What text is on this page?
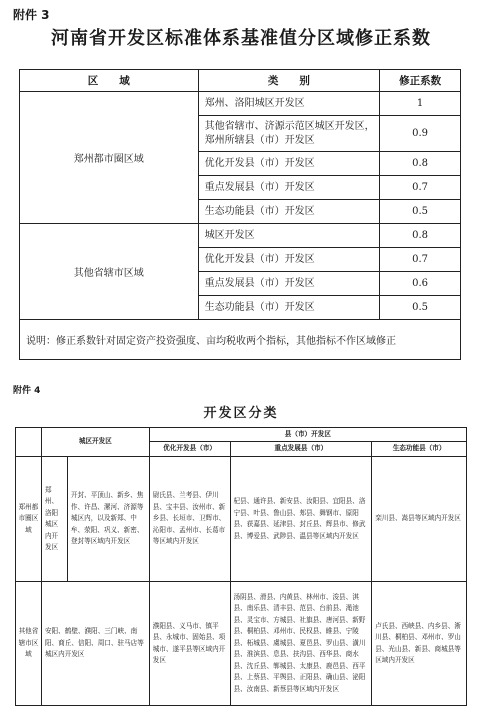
附件 3
河南省开发区标准体系基准值分区域修正系数
区　　域	类　　别	修正系数
郑州都市圈区域	郑州、洛阳城区开发区	1
	其他省辖市、济源示范区城区开发区，郑州所辖县（市）开发区	0.9
	优化开发县（市）开发区	0.8
	重点发展县（市）开发区	0.7
	生态功能县（市）开发区	0.5
其他省辖市区域	城区开发区	0.8
	优化开发县（市）开发区	0.7
	重点发展县（市）开发区	0.6
	生态功能县（市）开发区	0.5
说明：修正系数针对固定资产投资强度、亩均税收两个指标，其他指标不作区域修正		
附件 4
开发区分类
	城区开发区		县（市）开发区		
			优化开发县（市）	重点发展县（市）	生态功能县（市）
郑州都市圈区域	郑州、洛阳城区内开发区	开封、平顶山、新乡、焦作、许昌、漯河、济源等城区内，以及新郑、中牟、荥阳、巩义、新密、登封等区域内开发区	尉氏县、兰考县、伊川县、宝丰县、汝州市、新乡县、长垣市、卫辉市、沁阳市、孟州市、长葛市等区域内开发区	杞县、通许县、新安县、汝阳县、宜阳县、洛宁县、叶县、鲁山县、郏县、舞钢市、原阳县、获嘉县、延津县、封丘县、辉县市、修武县、博爱县、武陟县、温县等区域内开发区	栾川县、嵩县等区域内开发区
其他省辖市区域	安阳、鹤壁、濮阳、三门峡、南阳、商丘、信阳、周口、驻马店等城区内开发区		濮阳县、义马市、镇平县、永城市、固始县、项城市、遂平县等区域内开发区	汤阴县、滑县、内黄县、林州市、浚县、淇县、南乐县、清丰县、范县、台前县、渑池县、灵宝市、方城县、社旗县、唐河县、新野县、桐柏县、邓州市、民权县、睢县、宁陵县、柘城县、虞城县、夏邑县、罗山县、潢川县、淮滨县、息县、扶沟县、西华县、商水县、沈丘县、郸城县、太康县、鹿邑县、西平县、上蔡县、平舆县、正阳县、确山县、泌阳县、汝南县、新蔡县等区域内开发区	卢氏县、西峡县、内乡县、淅川县、桐柏县、邓州市、罗山县、光山县、新县、商城县等区域内开发区
